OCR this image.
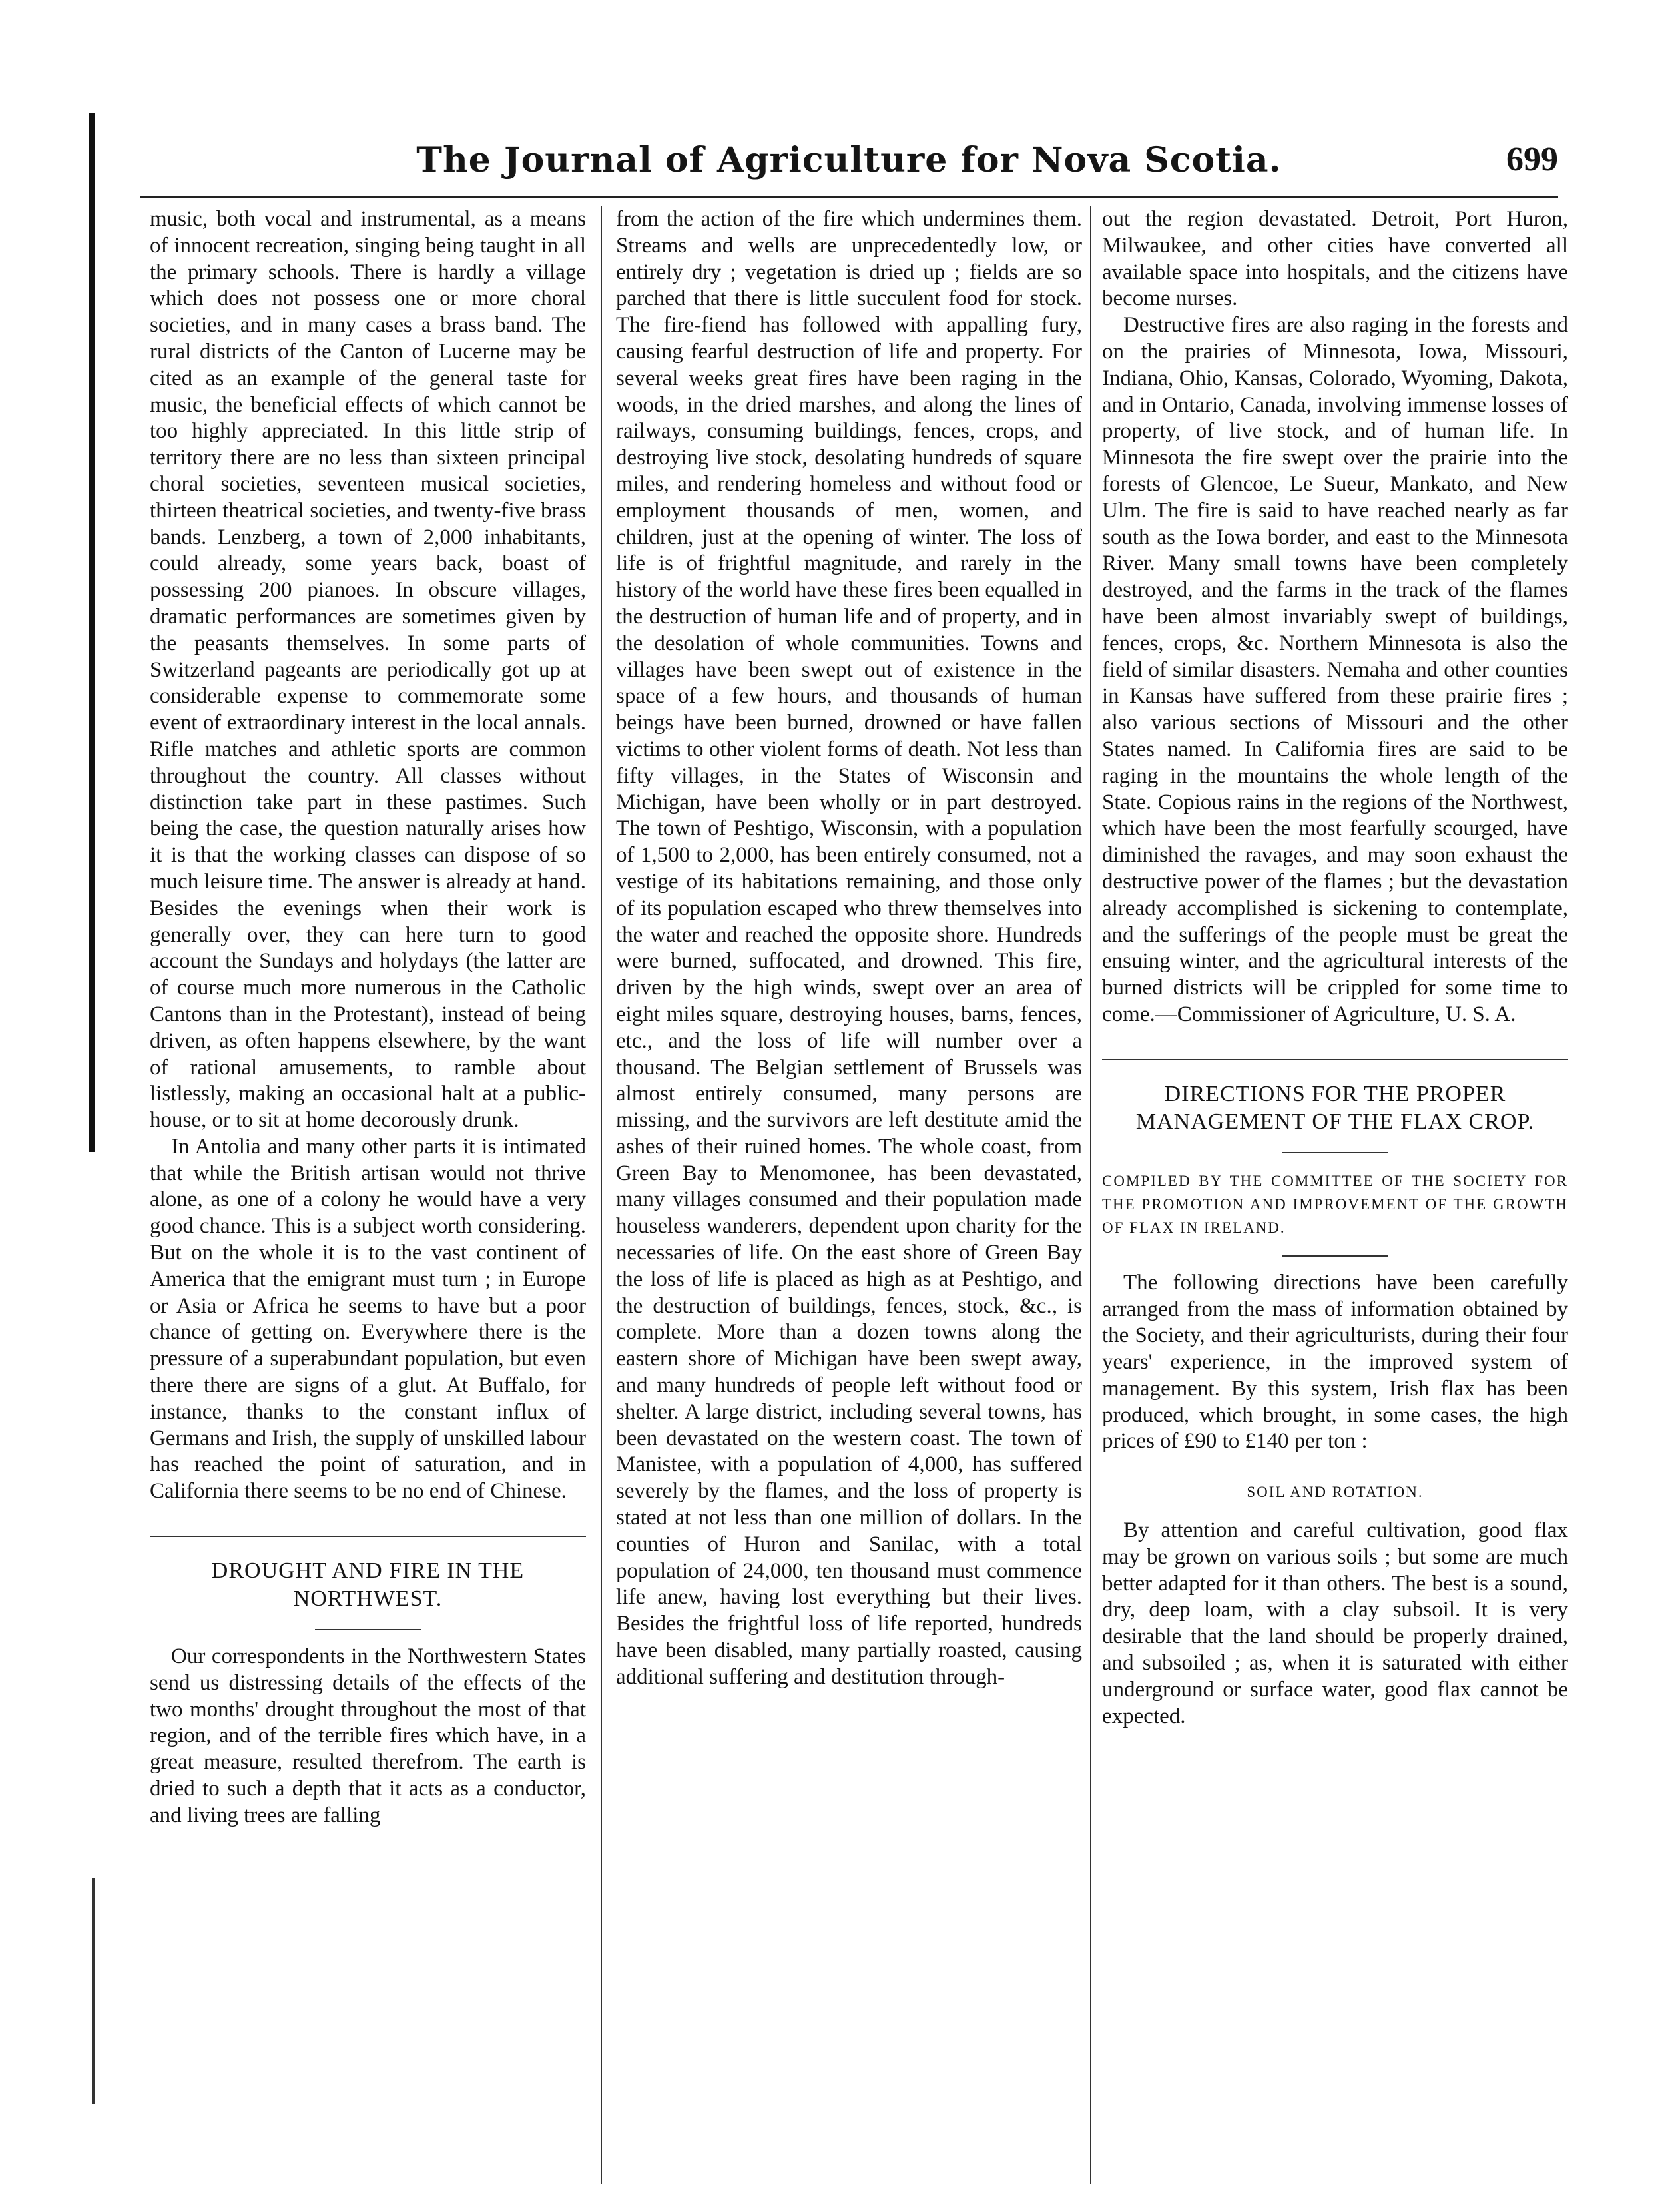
The Journal of Agriculture for Nova Scotia.	699

music, both vocal and instrumental, as a means of innocent recreation, singing being taught in all the primary schools. There is hardly a village which does not possess one or more choral societies, and in many cases a brass band. The rural districts of the Canton of Lucerne may be cited as an example of the general taste for music, the beneficial effects of which cannot be too highly appreciated. In this little strip of territory there are no less than sixteen principal choral societies, seventeen musical societies, thirteen theatrical societies, and twenty-five brass bands. Lenzberg, a town of 2,000 inhabitants, could already, some years back, boast of possessing 200 pianoes. In obscure villages, dramatic performances are sometimes given by the peasants themselves. In some parts of Switzerland pageants are periodically got up at considerable expense to commemorate some event of extraordinary interest in the local annals. Rifle matches and athletic sports are common throughout the country. All classes without distinction take part in these pastimes. Such being the case, the question naturally arises how it is that the working classes can dispose of so much leisure time. The answer is already at hand. Besides the evenings when their work is generally over, they can here turn to good account the Sundays and holydays (the latter are of course much more numerous in the Catholic Cantons than in the Protestant), instead of being driven, as often happens elsewhere, by the want of rational amusements, to ramble about listlessly, making an occasional halt at a public-house, or to sit at home decorously drunk.

In Antolia and many other parts it is intimated that while the British artisan would not thrive alone, as one of a colony he would have a very good chance. This is a subject worth considering. But on the whole it is to the vast continent of America that the emigrant must turn ; in Europe or Asia or Africa he seems to have but a poor chance of getting on. Everywhere there is the pressure of a superabundant population, but even there there are signs of a glut. At Buffalo, for instance, thanks to the constant influx of Germans and Irish, the supply of unskilled labour has reached the point of saturation, and in California there seems to be no end of Chinese.

DROUGHT AND FIRE IN THE NORTHWEST.

Our correspondents in the Northwestern States send us distressing details of the effects of the two months' drought throughout the most of that region, and of the terrible fires which have, in a great measure, resulted therefrom. The earth is dried to such a depth that it acts as a conductor, and living trees are falling

from the action of the fire which undermines them. Streams and wells are unprecedentedly low, or entirely dry ; vegetation is dried up ; fields are so parched that there is little succulent food for stock. The fire-fiend has followed with appalling fury, causing fearful destruction of life and property. For several weeks great fires have been raging in the woods, in the dried marshes, and along the lines of railways, consuming buildings, fences, crops, and destroying live stock, desolating hundreds of square miles, and rendering homeless and without food or employment thousands of men, women, and children, just at the opening of winter. The loss of life is of frightful magnitude, and rarely in the history of the world have these fires been equalled in the destruction of human life and of property, and in the desolation of whole communities. Towns and villages have been swept out of existence in the space of a few hours, and thousands of human beings have been burned, drowned or have fallen victims to other violent forms of death. Not less than fifty villages, in the States of Wisconsin and Michigan, have been wholly or in part destroyed. The town of Peshtigo, Wisconsin, with a population of 1,500 to 2,000, has been entirely consumed, not a vestige of its habitations remaining, and those only of its population escaped who threw themselves into the water and reached the opposite shore. Hundreds were burned, suffocated, and drowned. This fire, driven by the high winds, swept over an area of eight miles square, destroying houses, barns, fences, etc., and the loss of life will number over a thousand. The Belgian settlement of Brussels was almost entirely consumed, many persons are missing, and the survivors are left destitute amid the ashes of their ruined homes. The whole coast, from Green Bay to Menomonee, has been devastated, many villages consumed and their population made houseless wanderers, dependent upon charity for the necessaries of life. On the east shore of Green Bay the loss of life is placed as high as at Peshtigo, and the destruction of buildings, fences, stock, &c., is complete. More than a dozen towns along the eastern shore of Michigan have been swept away, and many hundreds of people left without food or shelter. A large district, including several towns, has been devastated on the western coast. The town of Manistee, with a population of 4,000, has suffered severely by the flames, and the loss of property is stated at not less than one million of dollars. In the counties of Huron and Sanilac, with a total population of 24,000, ten thousand must commence life anew, having lost everything but their lives. Besides the frightful loss of life reported, hundreds have been disabled, many partially roasted, causing additional suffering and destitution through-

out the region devastated. Detroit, Port Huron, Milwaukee, and other cities have converted all available space into hospitals, and the citizens have become nurses.

Destructive fires are also raging in the forests and on the prairies of Minnesota, Iowa, Missouri, Indiana, Ohio, Kansas, Colorado, Wyoming, Dakota, and in Ontario, Canada, involving immense losses of property, of live stock, and of human life. In Minnesota the fire swept over the prairie into the forests of Glencoe, Le Sueur, Mankato, and New Ulm. The fire is said to have reached nearly as far south as the Iowa border, and east to the Minnesota River. Many small towns have been completely destroyed, and the farms in the track of the flames have been almost invariably swept of buildings, fences, crops, &c. Northern Minnesota is also the field of similar disasters. Nemaha and other counties in Kansas have suffered from these prairie fires ; also various sections of Missouri and the other States named. In California fires are said to be raging in the mountains the whole length of the State. Copious rains in the regions of the Northwest, which have been the most fearfully scourged, have diminished the ravages, and may soon exhaust the destructive power of the flames ; but the devastation already accomplished is sickening to contemplate, and the sufferings of the people must be great the ensuing winter, and the agricultural interests of the burned districts will be crippled for some time to come.—Commissioner of Agriculture, U. S. A.

DIRECTIONS FOR THE PROPER MANAGEMENT OF THE FLAX CROP.
COMPILED BY THE COMMITTEE OF THE SOCIETY FOR THE PROMOTION AND IMPROVEMENT OF THE GROWTH OF FLAX IN IRELAND.

The following directions have been carefully arranged from the mass of information obtained by the Society, and their agriculturists, during their four years' experience, in the improved system of management. By this system, Irish flax has been produced, which brought, in some cases, the high prices of £90 to £140 per ton :

SOIL AND ROTATION.

By attention and careful cultivation, good flax may be grown on various soils ; but some are much better adapted for it than others. The best is a sound, dry, deep loam, with a clay subsoil. It is very desirable that the land should be properly drained, and subsoiled ; as, when it is saturated with either underground or surface water, good flax cannot be expected.
